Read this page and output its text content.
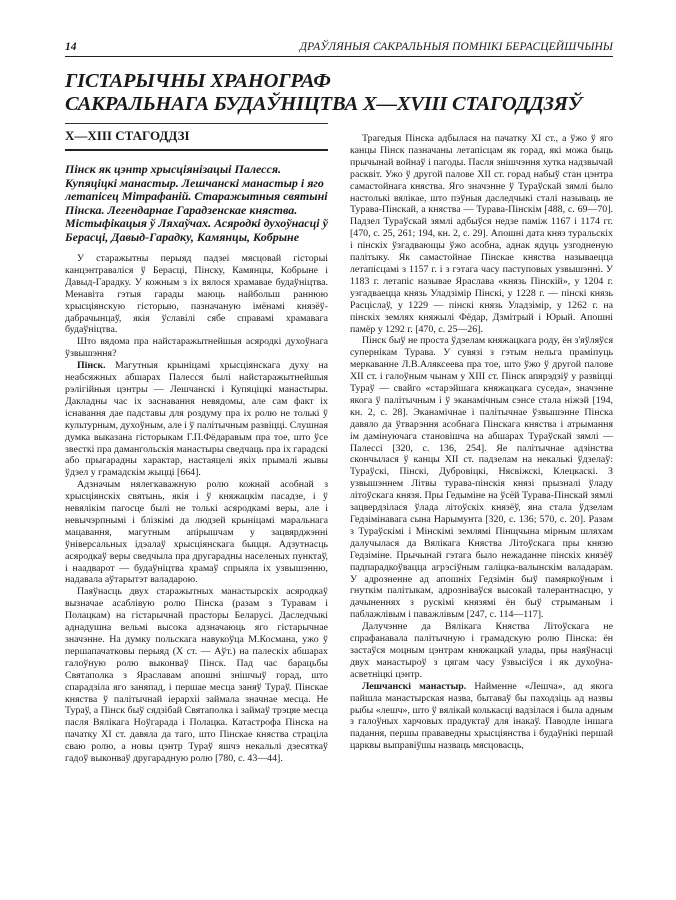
14	ДРАЎЛЯНЫЯ САКРАЛЬНЫЯ ПОМНІКІ БЕРАСЦЕЙШЧЫНЫ
ГІСТАРЫЧНЫ ХРАНОГРАФ
САКРАЛЬНАГА БУДАЎНІЦТВА X—XVIII СТАГОДДЗЯЎ
X—XIII СТАГОДДЗІ
Пінск як цэнтр хрысціянізацыі Палесся. Купяціцкі манастыр. Лешчанскі манастыр і яго летапісец Мітрафаній. Старажытныя святыні Пінска. Легендарнае Гарадзенскае княства. Містыфікацыя ў Ляхаўчах. Асяродкі духоўнасці ў Берасці, Давыд-Гарадку, Камянцы, Кобрыне

У старажытны перыяд падзеі мясцовай гісторыі канцэнтраваліся ў Берасці, Пінску, Камянцы, Кобрыне і Давыд-Гарадку. У кожным з іх вялося храмавае будаўніцтва. Менавіта гэтыя гарады маюць найбольш раннюю хрысціянскую гісторыю, пазначаную імёнамі князёў-дабрачынцаў, якія ўславілі сябе справамі храмавага будаўніцтва.

Што вядома пра найстаражытнейшыя асяродкі духоўнага ўзвышэння?

Пінск. Магутныя крыніцамі хрысціянскага духу на неабсяжных абшарах Палесся былі найстаражытнейшыя рэлігійныя цэнтры — Лешчанскі і Купяціцкі манастыры. Дакладны час іх заснавання невядомы, але сам факт іх існавання дае падставы для роздуму пра іх ролю не толькі ў культурным, духоўным, але і ў палітычным развіцці. Слушная думка выказана гісторыкам Г.П.Фёдаравым пра тое, што ўсе звесткі пра дамангольскія манастыры сведчаць пра іх гарадскі або прыгарадны характар, настаяцелі якіх прымалі жывы ўдзел у грамадскім жыцці [664].

Адзначым нялегкаважную ролю кожнай асобнай з хрысціянскіх святынь, якія і ў княжацкім пасадзе, і ў невялікім пагосце былі не толькі асяродкамі веры, але і невычэрпнымі і блізкімі да людзей крыніцамі маральнага мацавання, магутным апірышчам у зацвярджэнні ўніверсальных ідэалаў хрысціянскага быцця. Адзутнасць асяродкаў веры сведчыла пра другарадны населеных пунктаў, і наадварот — будаўніцтва храмаў спрыяла іх узвышэнню, надавала аўтарытэт валадарою.

Паяўнасць двух старажытных манастырскіх асяродкаў вызначае асаблівую ролю Пінска (разам з Туравам і Полацкам) на гістарычнай прасторы Беларусі. Даследчыкі аднадушна вельмі высока адзначаюць яго гістарычнае значэнне. На думку польскага навукоўца М.Космана, ужо ў першапачатковы перыяд (X ст. — Аўт.) на палескіх абшарах галоўную ролю выконваў Пінск. Пад час барацьбы Святаполка з Яраславам апошні знішчыў горад, што спарадзіла яго заняпад, і першае месца заняў Тураў. Пінскае княства ў палітычнай іерархіі займала значнае месца. Не Тураў, а Пінск быў сядзібай Святаполка і займаў трэцяе месца пасля Вялікага Ноўгарада і Полацка. Катастрофа Пінска на пачатку XI ст. давяла да таго, што Пінскае княства страціла сваю ролю, а новы цэнтр Тураў яшчэ некальлі дзесяткаў гадоў выконваў другарадную ролю [780, с. 43—44].

Трагедыя Пінска адбылася на пачатку XI ст., а ўжо ў яго канцы Пінск пазначаны летапісцам як горад, які можа быць прычынай войнаў і пагоды. Пасля знішчэння хутка надзвычай расквіт. Ужо ў другой палове XII ст. горад набыў стан цэнтра самастойнага княства. Яго значэнне ў Тураўскай зямлі было настолькі вялікае, што пэўныя даследчыкі сталі называць яе Турава-Пінскай, а княства — Турава-Пінскім [488, с. 69—70]. Падзел Тураўскай зямлі адбыўся недзе паміж 1167 і 1174 гг. [470, с. 25, 261; 194, кн. 2, с. 29]. Апошні дата княз туральскіх і пінскіх ўзгадвающы ўжо асобна, аднак ядуць узгодненую палітыку. Як самастойнае Пінскае княства называецца летапісцамі з 1157 г. і з гэтага часу паступовых узвышэнні. У 1183 г. летапіс называе Яраслава «князь Пінскій», у 1204 г. узгадваецца князь Уладзімір Пінскі, у 1228 г. — пінскі князь Расціслаў, у 1229 — пінскі князь Уладзімір, у 1262 г. на пінскіх землях княжылі Фёдар, Дзмітрый і Юрый. Апошні памёр у 1292 г. [470, с. 25—26].

Пінск быў не проста ўдзелам княжацкага роду, ён з'яўляўся супернікам Турава. У сувязі з гэтым нельга праміпуць меркаванне Л.В.Аляксеева пра тое, што ўжо ў другой палове XII ст. і галоўным чынам у XIII ст. Пінск апярэдзіў у развіцці Тураў — свайго «старэйшага княжацкага суседа», значэнне якога ў палітычным і ў эканамічным сэнсе стала ніжэй [194, кн. 2, с. 28]. Эканамічнае і палітычнае ўзвышэнне Пінска давяло да ўтварэння асобнага Пінскага княства і атрымання ім дамінуючага становішча на абшарах Тураўскай зямлі — Палессі [320, с. 136, 254]. Яе палітычнае адзінства скончылася ў канцы XII ст. падзелам на некалькі ўдзелаў: Тураўскі, Пінскі, Дубровіцкі, Нясвіжскі, Клецкаскі. З узвышэннем Літвы турава-пінскія князі прызналі ўладу літоўскага князя. Пры Гедыміне на ўсёй Турава-Пінскай зямлі зацвердзілася ўлада літоўскіх князёў, яна стала ўдзелам Гедзімінавага сына Нарымунта [320, с. 136; 570, с. 20]. Разам з Тураўскімі і Мінскімі землямі Пінщчына мірным шляхам далучылася да Вялікага Княства Літоўскага пры князю Гедзіміне. Прычынай гэтага было нежаданне пінскіх князёў падпарадкоўвацца агрэсіўным галіцка-валынскім валадарам. У адрозненне ад апошніх Гедзімін быў памяркоўным і гнуткім палітыкам, адрозніваўся высокай талерантнасцю, у дачыненнях з рускімі князямі ён быў стрыманым і паблажлівым і паважлівым [247, с. 114—117].

Далучэнне да Вялікага Княства Літоўскага не спрафанавала палітычную і грамадскую ролю Пінска: ён застаўся моцным цэнтрам княжацкай улады, пры наяўнасці двух манастыроў з цягам часу ўзвысіўся і як духоўна-асветніцкі цэнтр.

Лешчанскі манастыр. Найменне «Лешча», ад якога пайшла манастырская назва, бытаваў бы паходзіць ад назвы рыбы «лешч», што ў вялікай колькасці вадзілася і была адным з галоўных харчовых прадуктаў для інакаў. Паводле іншага падання, першы прававедны хрысціянства і будаўнікі першай царквы выправіўшы назваць мясцовасць,
